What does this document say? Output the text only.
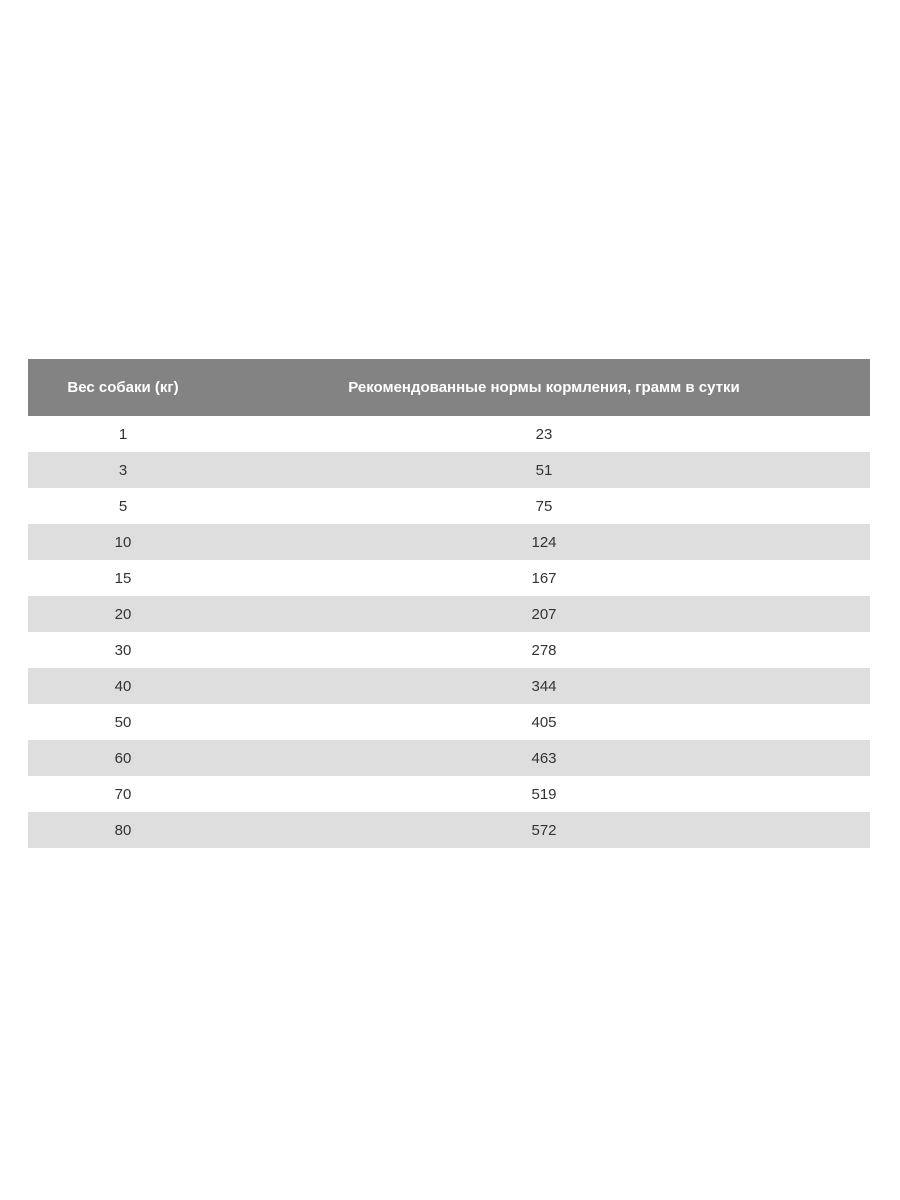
Вес собаки (кг)	Рекомендованные нормы кормления, грамм в сутки
1	23
3	51
5	75
10	124
15	167
20	207
30	278
40	344
50	405
60	463
70	519
80	572
